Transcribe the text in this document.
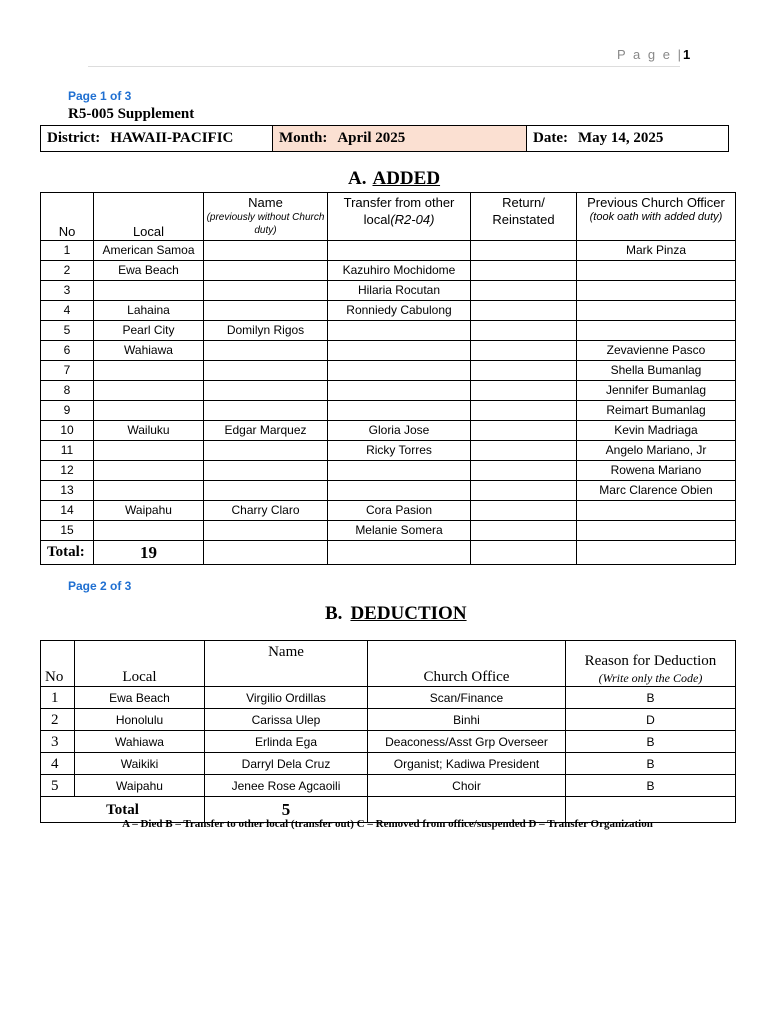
P a g e |1
Page 1 of 3
R5-005 Supplement
District: HAWAII-PACIFIC	Month: April 2025	Date: May 14, 2025
A. ADDED
No	Local	Name
(previously without Church duty)	Transfer from other local(R2-04)	Return/ Reinstated	Previous Church Officer
(took oath with added duty)

1	American Samoa				Mark Pinza
2	Ewa Beach		Kazuhiro Mochidome		
3			Hilaria Rocutan		
4	Lahaina		Ronniedy Cabulong		
5	Pearl City	Domilyn Rigos			
6	Wahiawa				Zevavienne Pasco
7					Shella Bumanlag
8					Jennifer Bumanlag
9					Reimart Bumanlag
10	Wailuku	Edgar Marquez	Gloria Jose		Kevin Madriaga
11			Ricky Torres		Angelo Mariano, Jr
12					Rowena Mariano
13					Marc Clarence Obien
14	Waipahu	Charry Claro	Cora Pasion		
15			Melanie Somera		
Total:	19				
Page 2 of 3
B. DEDUCTION
No	Local	Name	Church Office	Reason for Deduction
(Write only the Code)

1	Ewa Beach	Virgilio Ordillas	Scan/Finance	B
2	Honolulu	Carissa Ulep	Binhi	D
3	Wahiawa	Erlinda Ega	Deaconess/Asst Grp Overseer	B
4	Waikiki	Darryl Dela Cruz	Organist; Kadiwa President	B
5	Waipahu	Jenee Rose Agcaoili	Choir	B
Total		5		
A – Died B – Transfer to other local (transfer out) C – Removed from office/suspended D – Transfer Organization
